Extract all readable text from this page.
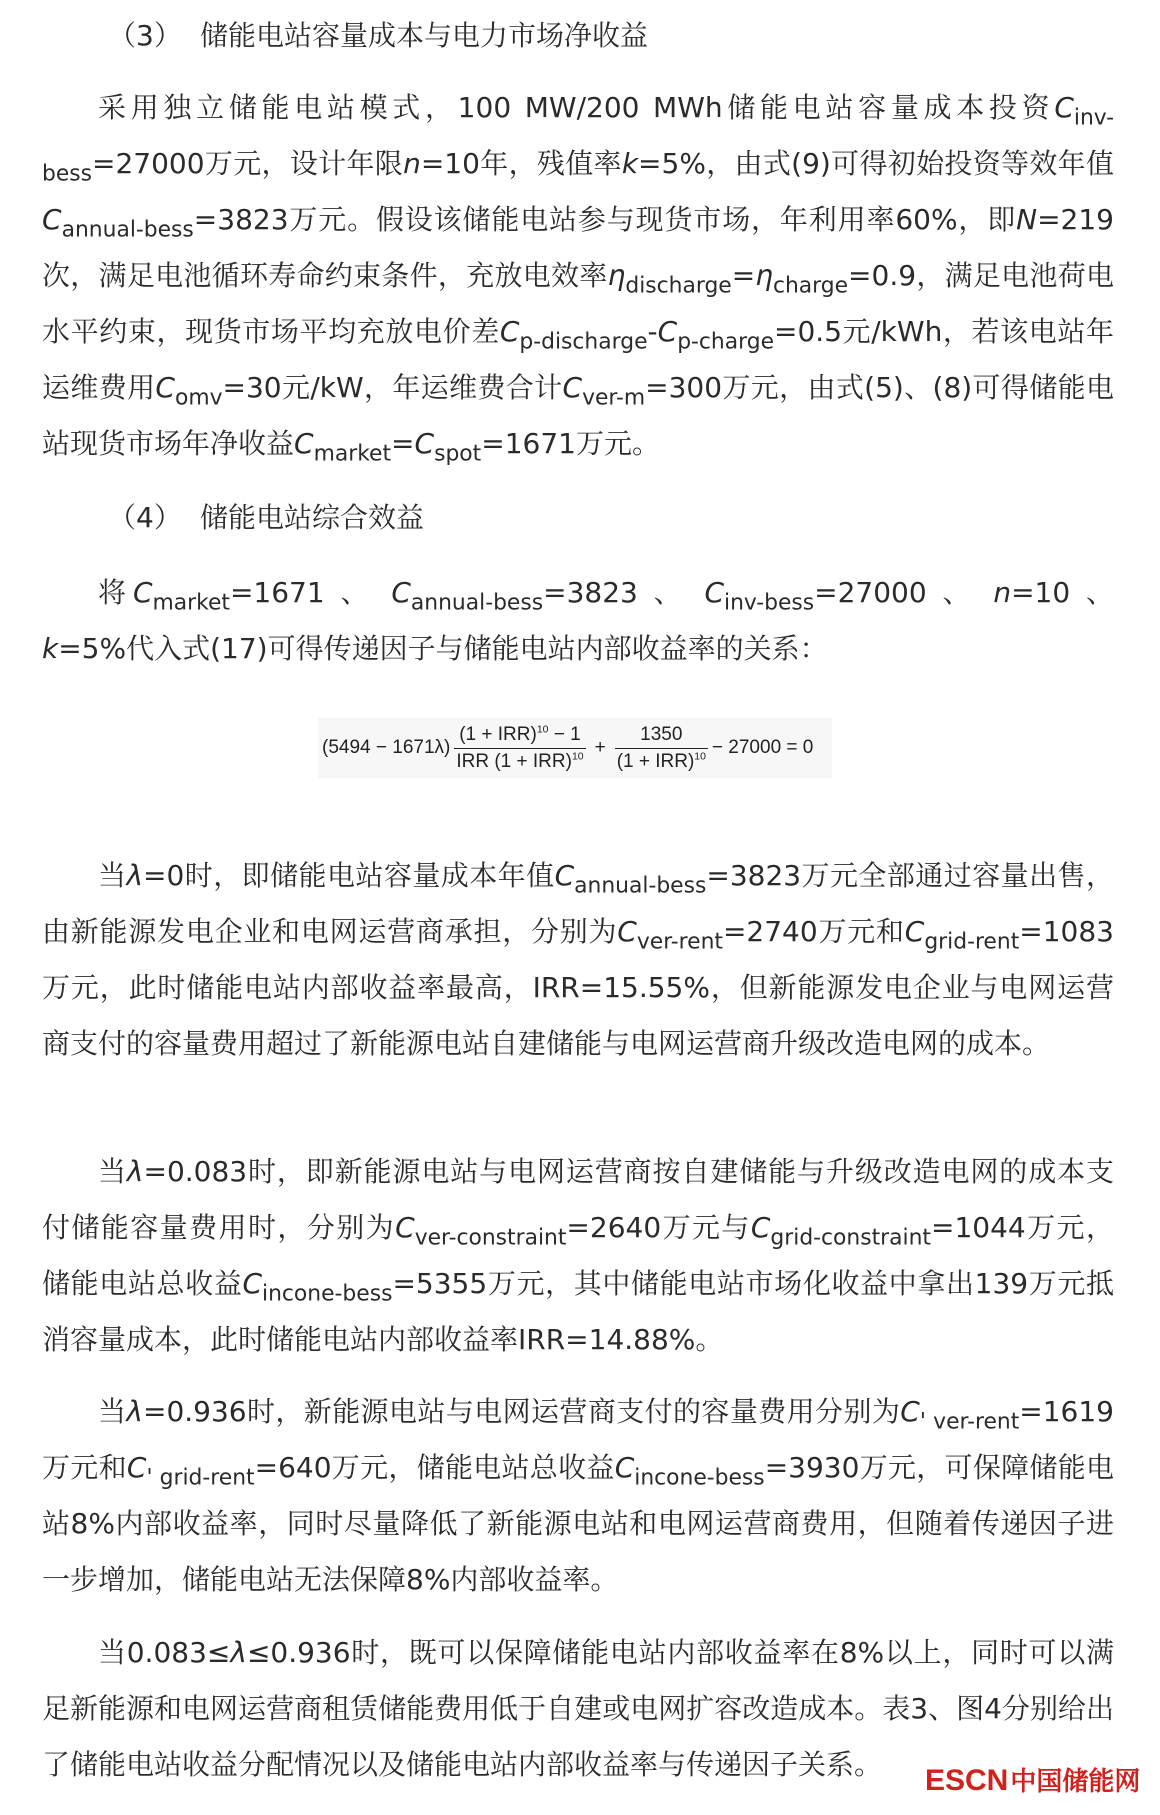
（3） 储能电站容量成本与电力市场净收益

采用独立储能电站模式，100 MW/200 MWh储能电站容量成本投资$C_{inv-bess}=27000$万元，设计年限n=10年，残值率k=5%，由式(9)可得初始投资等效年值$C_{annual-bess}=3823$万元。假设该储能电站参与现货市场，年利用率60%，即N=219次，满足电池循环寿命约束条件，充放电效率$\eta_{discharge}=\eta_{charge}=0.9$，满足电池荷电水平约束，现货市场平均充放电价差$C_{p-discharge}-C_{p-charge}=0.5$元/kWh，若该电站年运维费用$C_{omv}=30$元/kW，年运维费合计$C_{ver-m}=300$万元，由式(5)、(8)可得储能电站现货市场年净收益$C_{market}=C_{spot}=1671$万元。

（4） 储能电站综合效益

将$C_{market}=1671$ 、 $C_{annual-bess}=3823$ 、 $C_{inv-bess}=27000$ 、 n=10 、 k=5%代入式(17)可得传递因子与储能电站内部收益率的关系：

$(5494 - 1671\lambda) \frac{(1 + IRR)^{10} - 1}{IRR (1 + IRR)^{10}} + \frac{1350}{(1 + IRR)^{10}} - 27000 = 0$

当λ=0时，即储能电站容量成本年值$C_{annual-bess}=3823$万元全部通过容量出售，由新能源发电企业和电网运营商承担，分别为$C_{ver-rent}=2740$万元和$C_{grid-rent}=1083$万元，此时储能电站内部收益率最高，IRR=15.55%，但新能源发电企业与电网运营商支付的容量费用超过了新能源电站自建储能与电网运营商升级改造电网的成本。

当λ=0.083时，即新能源电站与电网运营商按自建储能与升级改造电网的成本支付储能容量费用时，分别为$C_{ver-constraint}=2640$万元与$C_{grid-constraint}=1044$万元，储能电站总收益$C_{incone-bess}=5355$万元，其中储能电站市场化收益中拿出139万元抵消容量成本，此时储能电站内部收益率IRR=14.88%。

当λ=0.936时，新能源电站与电网运营商支付的容量费用分别为$C_{' ver-rent}=1619$万元和$C_{' grid-rent}=640$万元，储能电站总收益$C_{incone-bess}=3930$万元，可保障储能电站8%内部收益率，同时尽量降低了新能源电站和电网运营商费用，但随着传递因子进一步增加，储能电站无法保障8%内部收益率。

当0.083≤λ≤0.936时，既可以保障储能电站内部收益率在8%以上，同时可以满足新能源和电网运营商租赁储能费用低于自建或电网扩容改造成本。表3、图4分别给出了储能电站收益分配情况以及储能电站内部收益率与传递因子关系。	ESCN 中国储能网
